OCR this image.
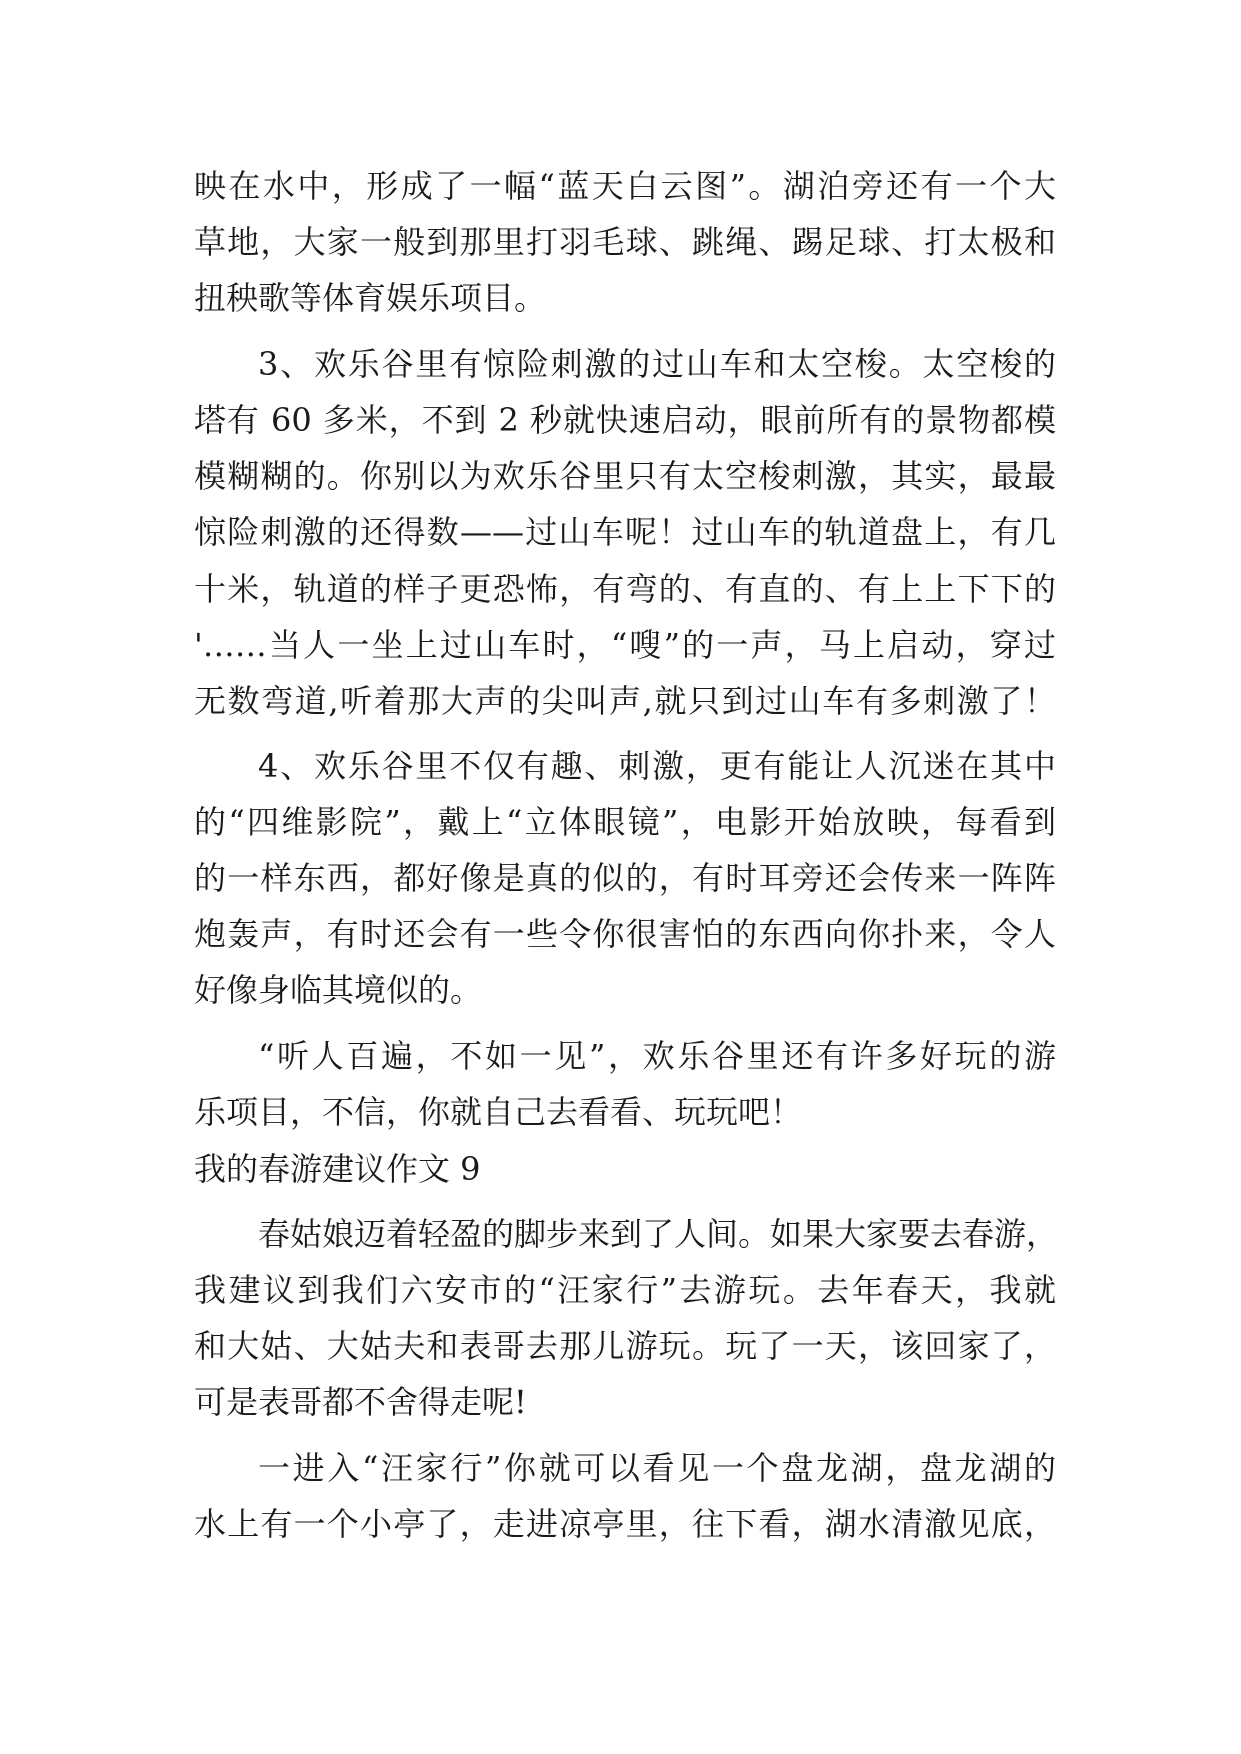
映在水中，形成了一幅“蓝天白云图”。湖泊旁还有一个大

草地，大家一般到那里打羽毛球、跳绳、踢足球、打太极和

扭秧歌等体育娱乐项目。

3、欢乐谷里有惊险刺激的过山车和太空梭。太空梭的

塔有 60 多米，不到 2 秒就快速启动，眼前所有的景物都模

模糊糊的。你别以为欢乐谷里只有太空梭刺激，其实，最最

惊险刺激的还得数——过山车呢！过山车的轨道盘上，有几

十米，轨道的样子更恐怖，有弯的、有直的、有上上下下的

'……当人一坐上过山车时，“嗖”的一声，马上启动，穿过

无数弯道,听着那大声的尖叫声,就只到过山车有多刺激了！

4、欢乐谷里不仅有趣、刺激，更有能让人沉迷在其中

的“四维影院”，戴上“立体眼镜”，电影开始放映，每看到

的一样东西，都好像是真的似的，有时耳旁还会传来一阵阵

炮轰声，有时还会有一些令你很害怕的东西向你扑来，令人

好像身临其境似的。

“听人百遍，不如一见”，欢乐谷里还有许多好玩的游

乐项目，不信，你就自己去看看、玩玩吧！

我的春游建议作文 9

春姑娘迈着轻盈的脚步来到了人间。如果大家要去春游，

我建议到我们六安市的“汪家行”去游玩。去年春天，我就

和大姑、大姑夫和表哥去那儿游玩。玩了一天，该回家了，

可是表哥都不舍得走呢!

一进入“汪家行”你就可以看见一个盘龙湖，盘龙湖的

水上有一个小亭了，走进凉亭里，往下看，湖水清澈见底，
